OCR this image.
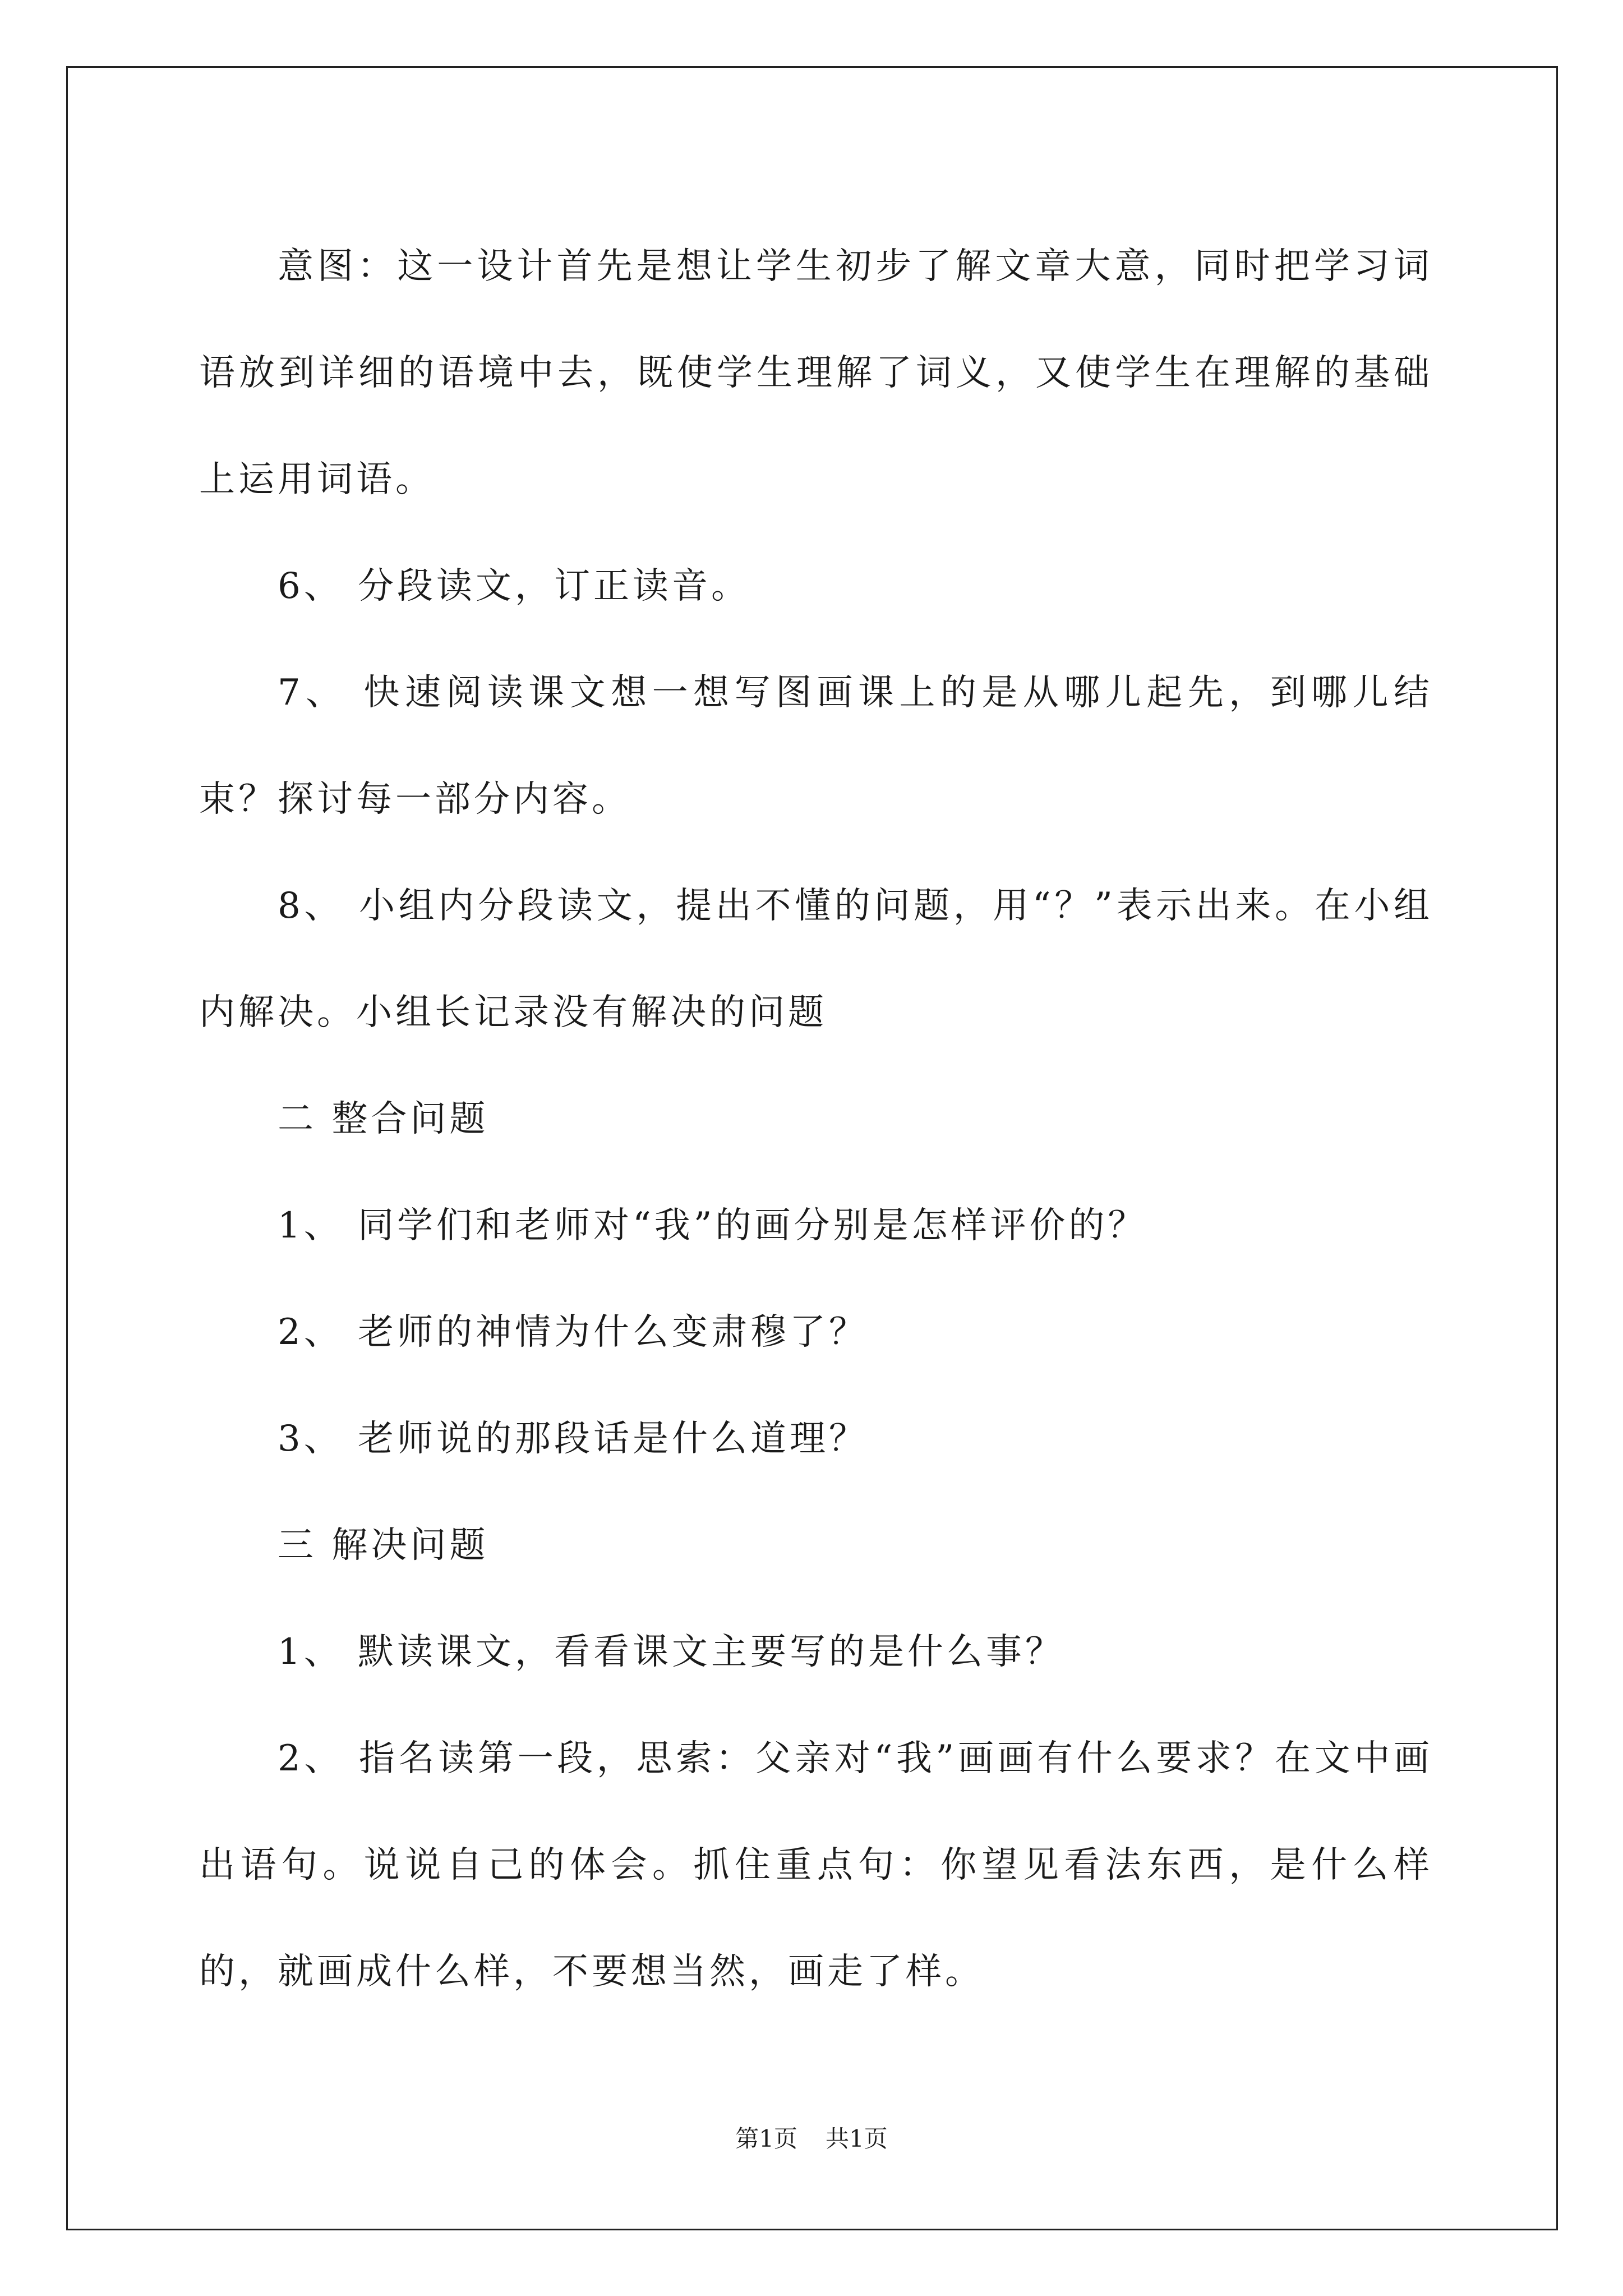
意图：这一设计首先是想让学生初步了解文章大意，同时把学习词语放到详细的语境中去，既使学生理解了词义，又使学生在理解的基础上运用词语。

6、 分段读文，订正读音。

7、 快速阅读课文想一想写图画课上的是从哪儿起先，到哪儿结束？探讨每一部分内容。

8、 小组内分段读文，提出不懂的问题，用“？”表示出来。在小组内解决。小组长记录没有解决的问题

二 整合问题

1、 同学们和老师对“我”的画分别是怎样评价的？

2、 老师的神情为什么变肃穆了？

3、 老师说的那段话是什么道理？

三 解决问题

1、 默读课文，看看课文主要写的是什么事？

2、 指名读第一段，思索：父亲对“我”画画有什么要求？在文中画出语句。说说自己的体会。抓住重点句：你望见看法东西，是什么样的，就画成什么样，不要想当然，画走了样。

第1页 共1页
